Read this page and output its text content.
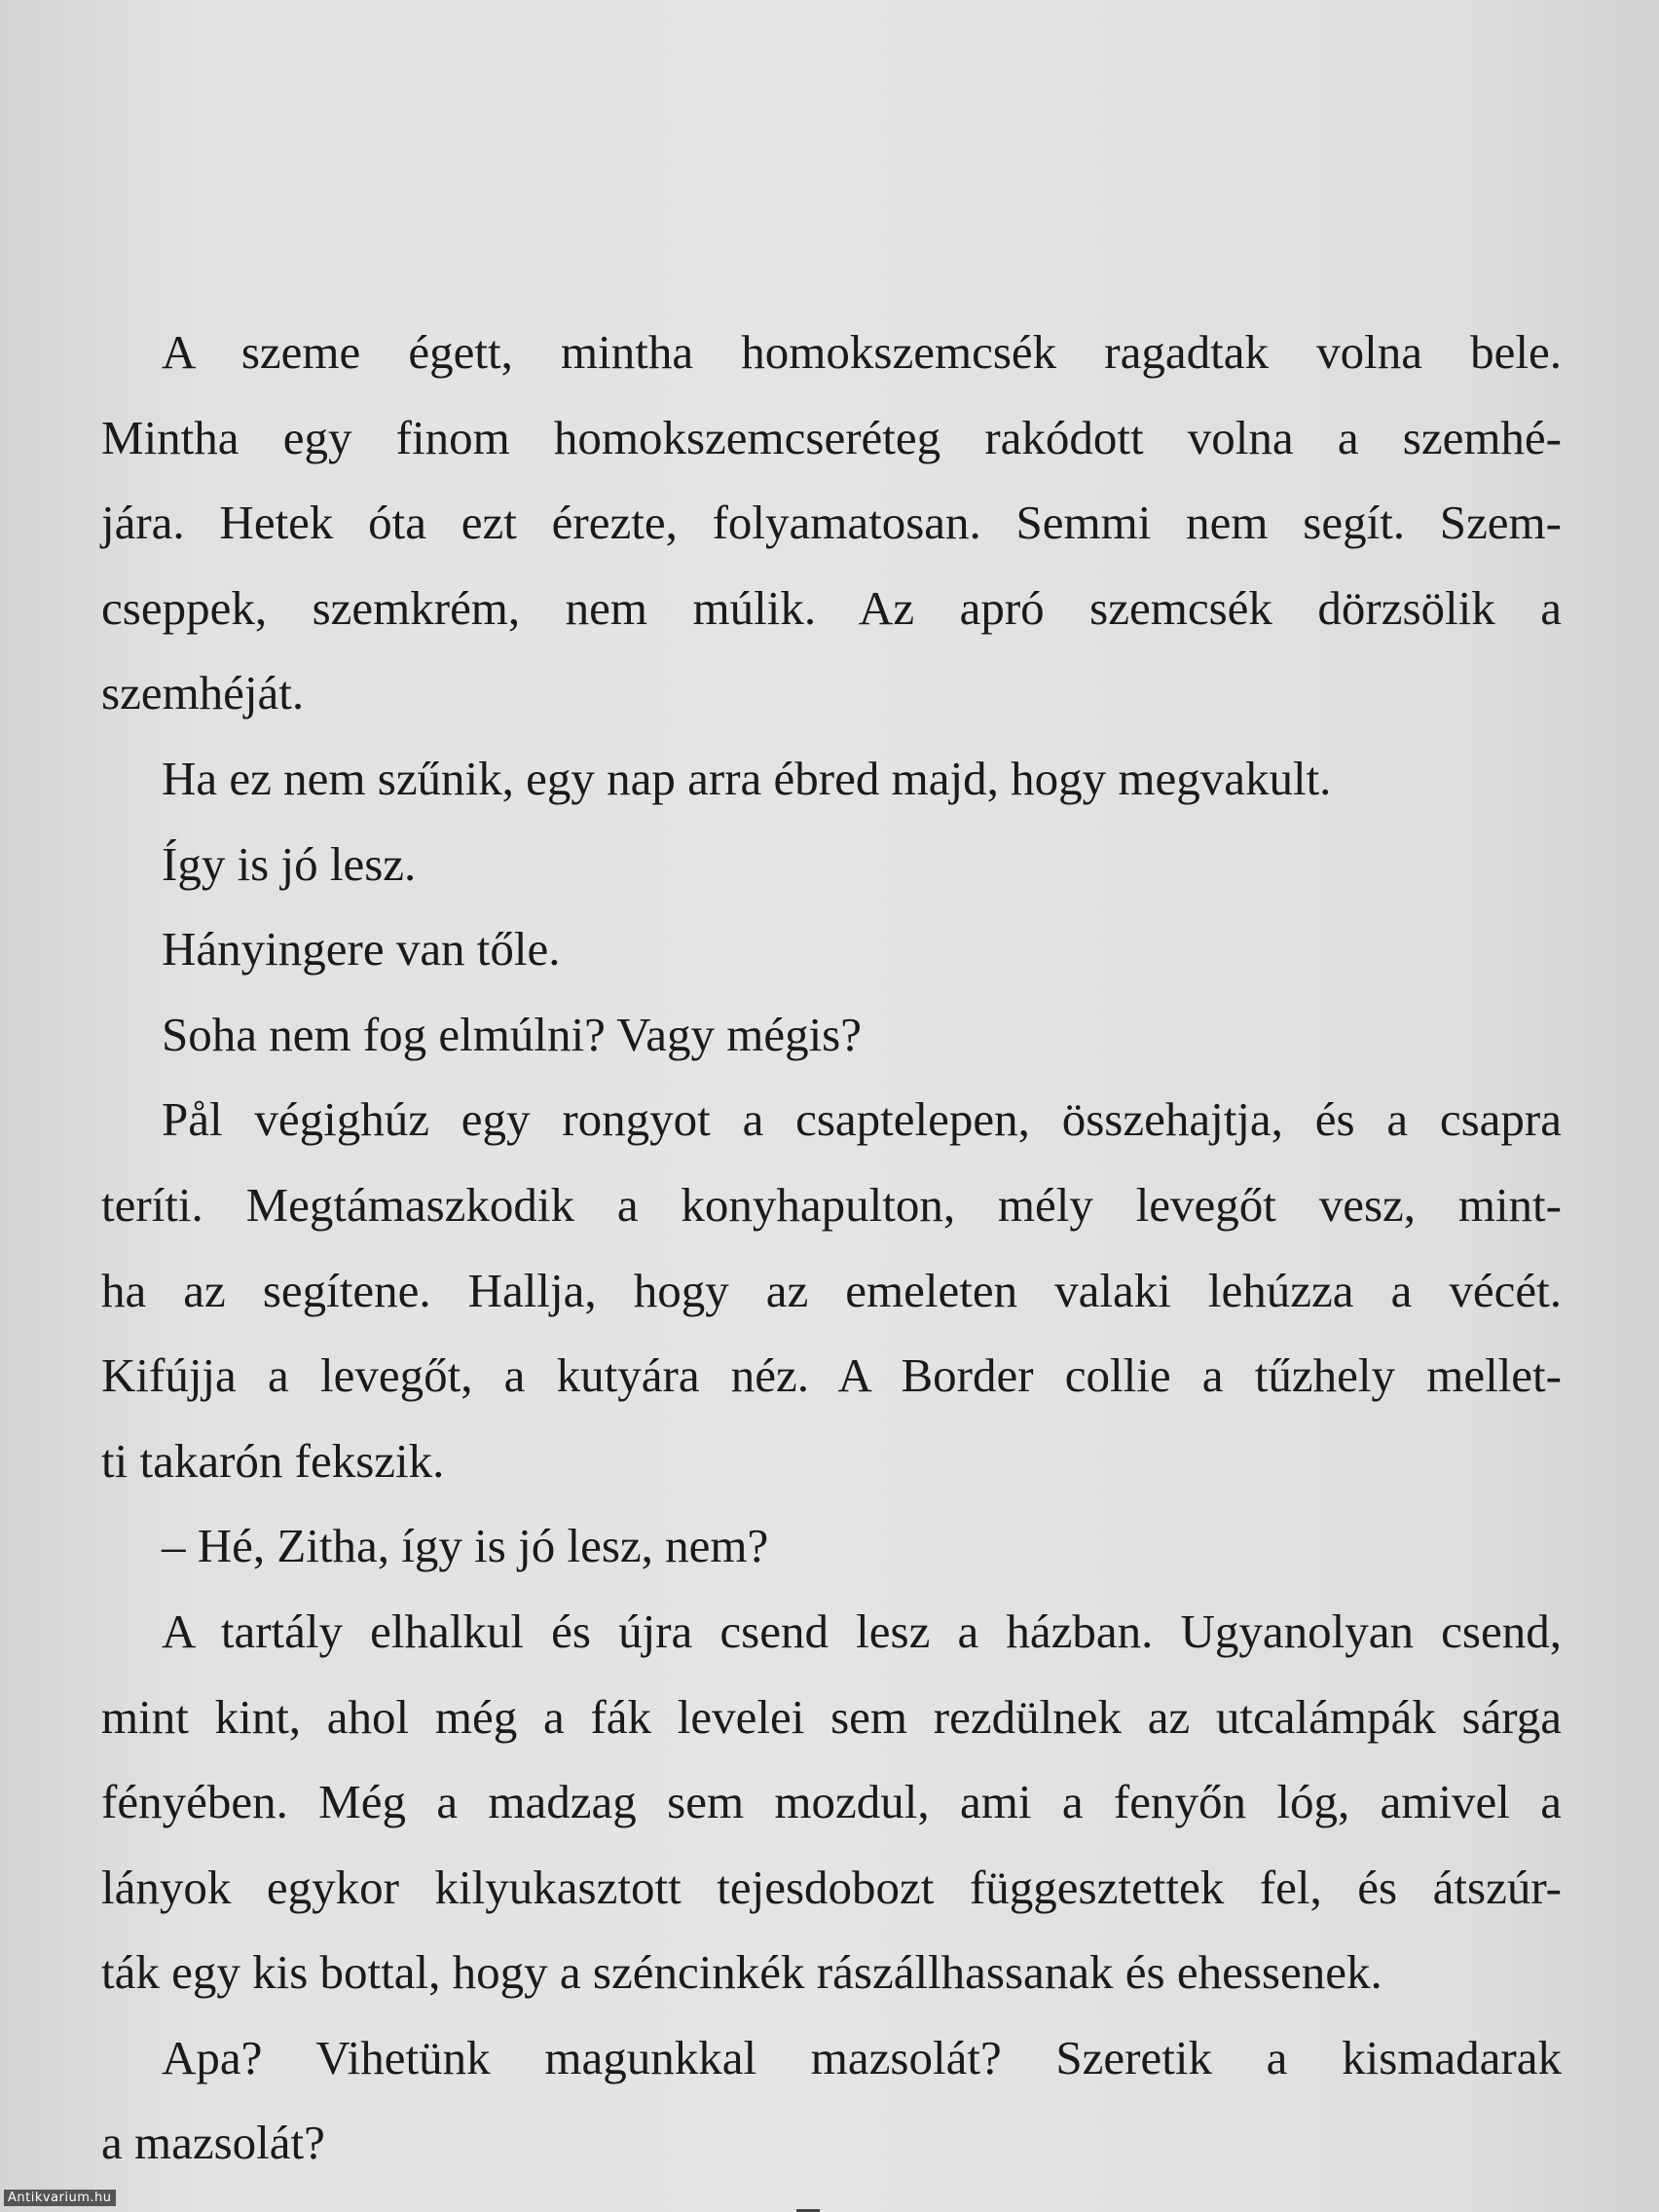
A szeme égett, mintha homokszemcsék ragadtak volna bele.
Mintha egy finom homokszemcseréteg rakódott volna a szemhé-
jára. Hetek óta ezt érezte, folyamatosan. Semmi nem segít. Szem-
cseppek, szemkrém, nem múlik. Az apró szemcsék dörzsölik a
szemhéját.
Ha ez nem szűnik, egy nap arra ébred majd, hogy megvakult.
Így is jó lesz.
Hányingere van tőle.
Soha nem fog elmúlni? Vagy mégis?
Pål végighúz egy rongyot a csaptelepen, összehajtja, és a csapra
teríti. Megtámaszkodik a konyhapulton, mély levegőt vesz, mint-
ha az segítene. Hallja, hogy az emeleten valaki lehúzza a vécét.
Kifújja a levegőt, a kutyára néz. A Border collie a tűzhely mellet-
ti takarón fekszik.
– Hé, Zitha, így is jó lesz, nem?
A tartály elhalkul és újra csend lesz a házban. Ugyanolyan csend,
mint kint, ahol még a fák levelei sem rezdülnek az utcalámpák sárga
fényében. Még a madzag sem mozdul, ami a fenyőn lóg, amivel a
lányok egykor kilyukasztott tejesdobozt függesztettek fel, és átszúr-
ták egy kis bottal, hogy a széncinkék rászállhassanak és ehessenek.
Apa? Vihetünk magunkkal mazsolát? Szeretik a kismadarak
a mazsolát?
Antikvarium.hu
